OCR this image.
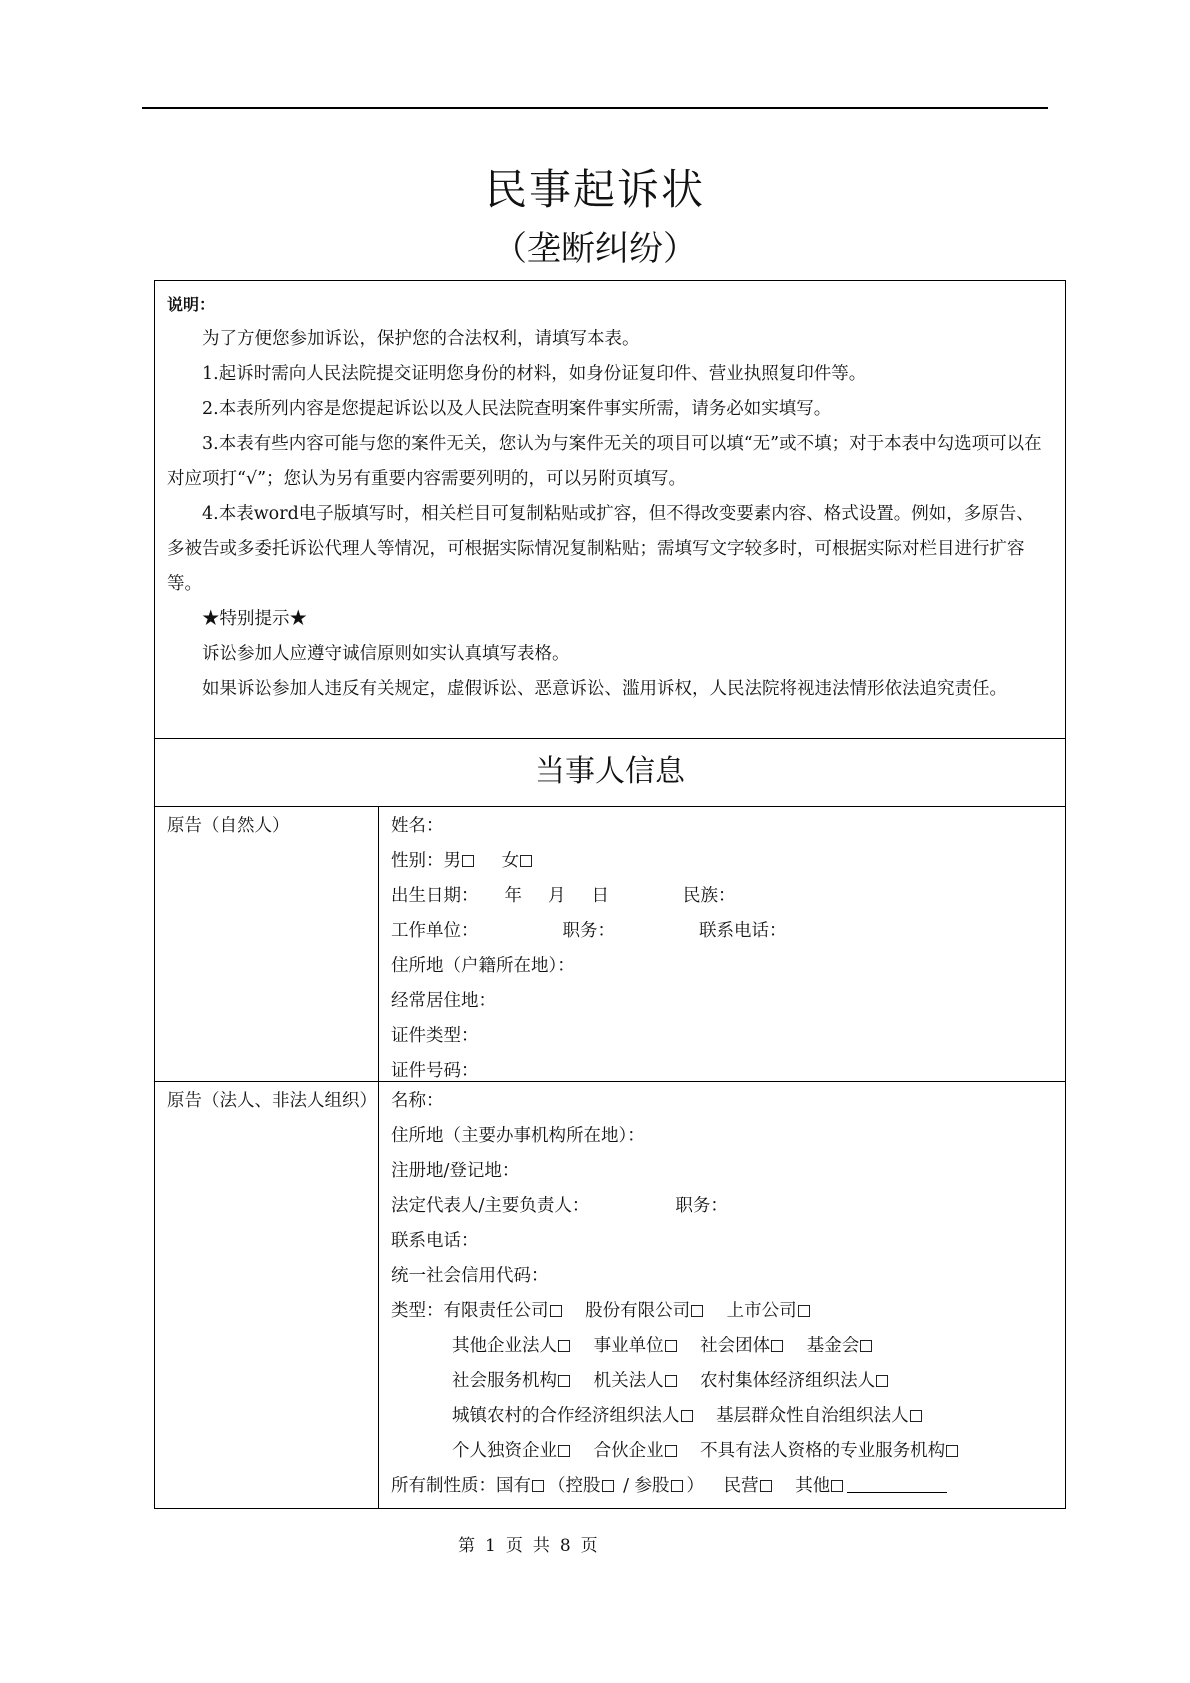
民事起诉状
（垄断纠纷）
说明：

为了方便您参加诉讼，保护您的合法权利，请填写本表。

1.起诉时需向人民法院提交证明您身份的材料，如身份证复印件、营业执照复印件等。

2.本表所列内容是您提起诉讼以及人民法院查明案件事实所需，请务必如实填写。

3.本表有些内容可能与您的案件无关，您认为与案件无关的项目可以填“无”或不填；对于本表中勾选项可以在对应项打“√”；您认为另有重要内容需要列明的，可以另附页填写。

4.本表word电子版填写时，相关栏目可复制粘贴或扩容，但不得改变要素内容、格式设置。例如，多原告、多被告或多委托诉讼代理人等情况，可根据实际情况复制粘贴；需填写文字较多时，可根据实际对栏目进行扩容等。

★特别提示★

诉讼参加人应遵守诚信原则如实认真填写表格。

如果诉讼参加人违反有关规定，虚假诉讼、恶意诉讼、滥用诉权，人民法院将视违法情形依法追究责任。

当事人信息
原告（自然人）	姓名：
性别：男 女
出生日期： 年 月 日	民族：
工作单位：	职务：	联系电话：
住所地（户籍所在地）：
经常居住地：
证件类型：
证件号码：
原告（法人、非法人组织） 名称：
住所地（主要办事机构所在地）：
注册地/登记地：
法定代表人/主要负责人：	职务：
联系电话：
统一社会信用代码：
类型：有限责任公司 股份有限公司 上市公司
其他企业法人 事业单位 社会团体 基金会
社会服务机构 机关法人 农村集体经济组织法人
城镇农村的合作经济组织法人 基层群众性自治组织法人
个人独资企业 合伙企业 不具有法人资格的专业服务机构
所有制性质：国有 （控股 / 参股 ） 民营 其他
第 1 页 共 8 页
